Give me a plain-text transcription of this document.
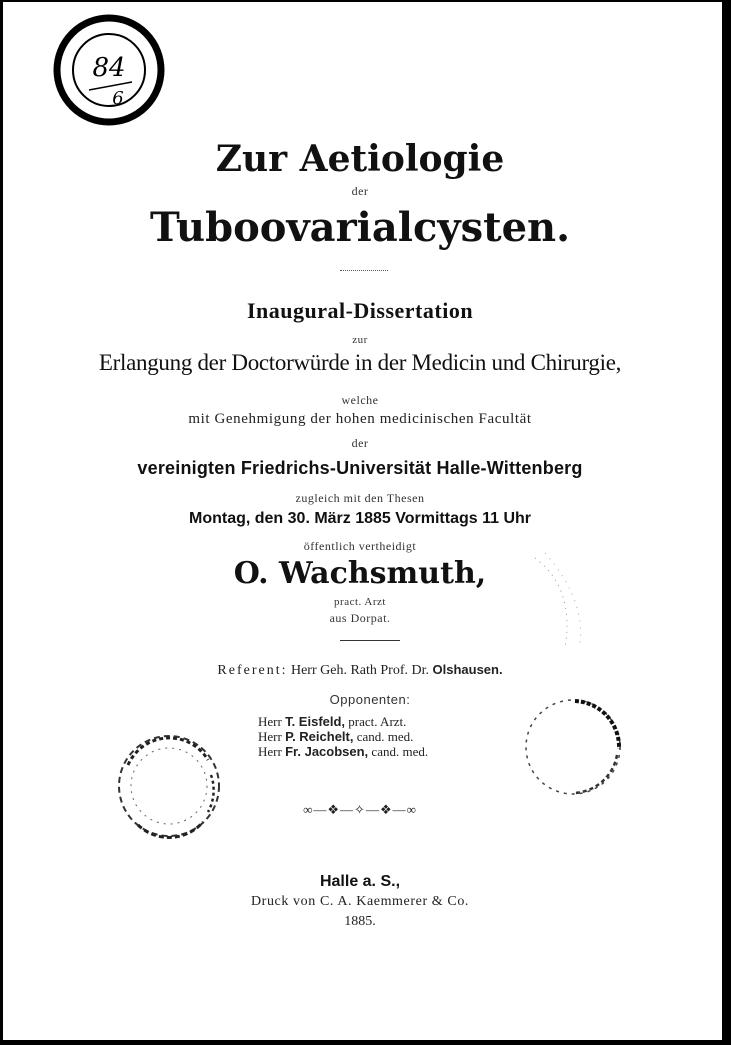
84
6
Zur Aetiologie
der
Tuboovarialcysten.
Inaugural-Dissertation
zur
Erlangung der Doctorwürde in der Medicin und Chirurgie,
welche
mit Genehmigung der hohen medicinischen Facultät
der
vereinigten Friedrichs-Universität Halle-Wittenberg
zugleich mit den Thesen
Montag, den 30. März 1885 Vormittags 11 Uhr
öffentlich vertheidigt
O. Wachsmuth,
pract. Arzt
aus Dorpat.
Referent: Herr Geh. Rath Prof. Dr. Olshausen.
Opponenten:
Herr T. Eisfeld, pract. Arzt.
Herr P. Reichelt, cand. med.
Herr Fr. Jacobsen, cand. med.
∞—❖—✧—❖—∞
Halle a. S.,
Druck von C. A. Kaemmerer & Co.
1885.
